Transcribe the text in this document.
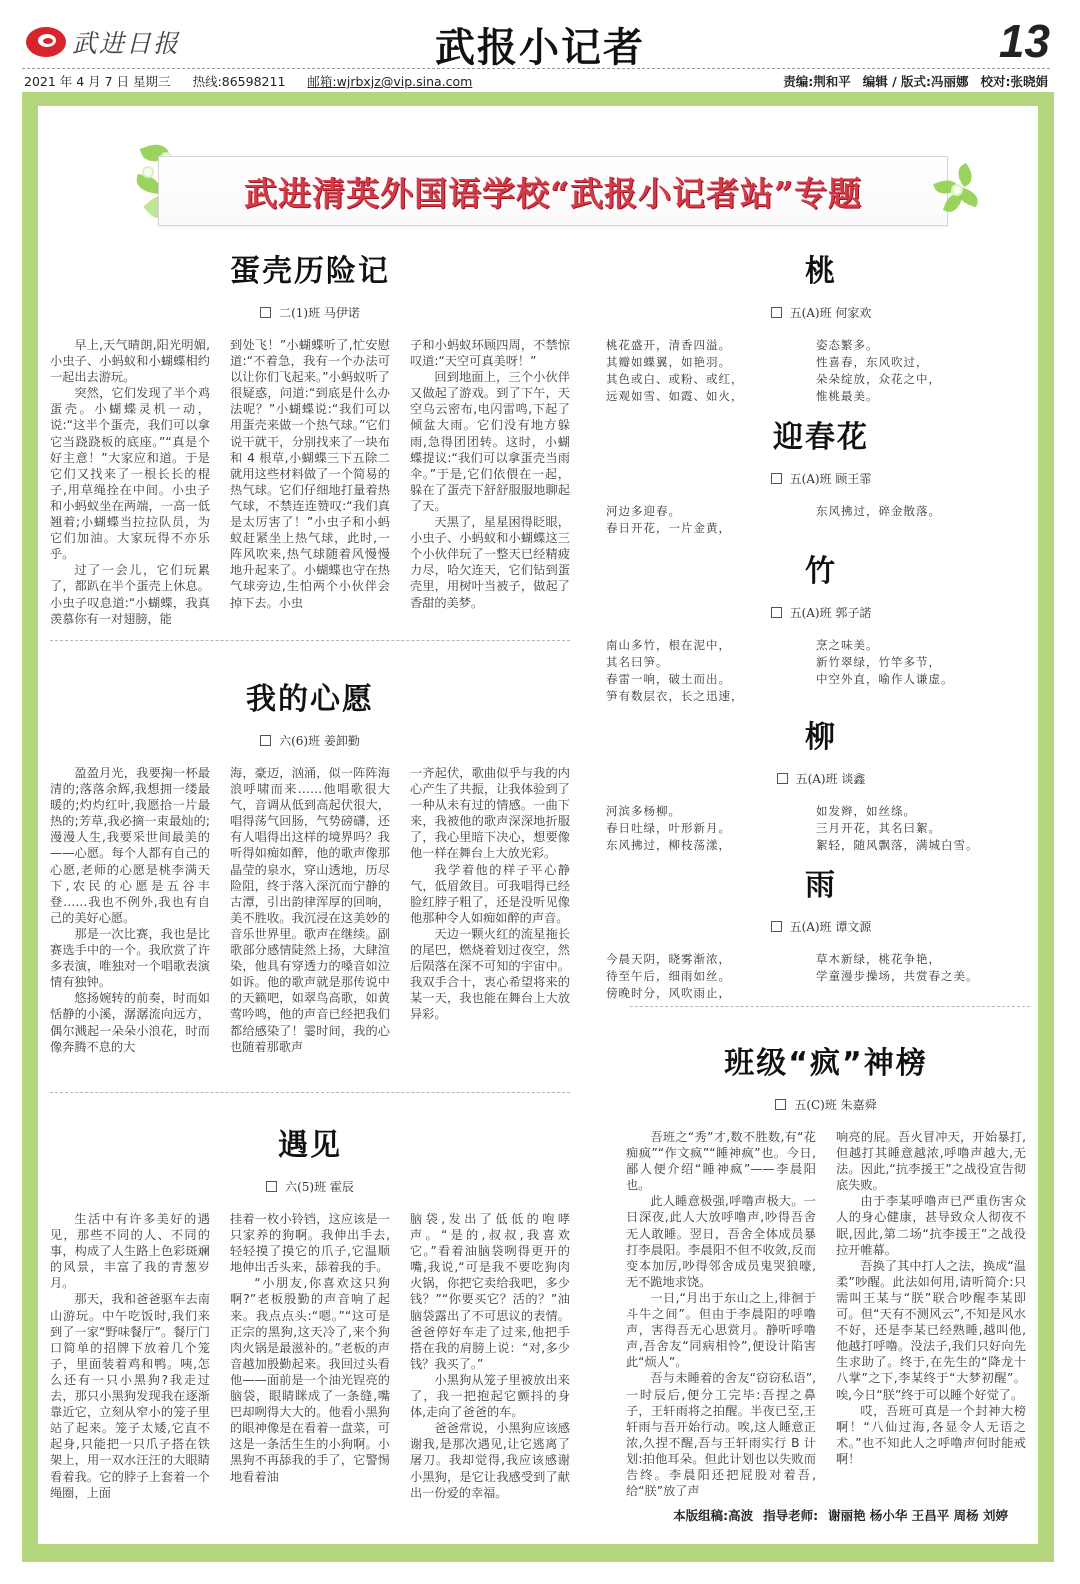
武进日报	武报小记者	13
2021 年 4 月 7 日 星期三 热线:86598211 邮箱:wjrbxjz@vip.sina.com	责编:荆和平 编辑 / 版式:冯丽娜 校对:张晓娟
武进清英外国语学校“武报小记者站”专题
蛋壳历险记
二(1)班 马伊诺

早上,天气晴朗,阳光明媚,小虫子、小蚂蚁和小蝴蝶相约一起出去游玩。

突然，它们发现了半个鸡蛋壳。小蝴蝶灵机一动，说:“这半个蛋壳，我们可以拿它当跷跷板的底座。”“真是个好主意！”大家应和道。于是它们又找来了一根长长的棍子,用草绳拴在中间。小虫子和小蚂蚁坐在两端，一高一低翘着;小蝴蝶当拉拉队员，为它们加油。大家玩得不亦乐乎。

过了一会儿，它们玩累了，都趴在半个蛋壳上休息。小虫子叹息道:“小蝴蝶，我真羡慕你有一对翅膀，能

到处飞！”小蝴蝶听了,忙安慰道:“不着急，我有一个办法可以让你们飞起来。”小蚂蚁听了很疑惑，问道:“到底是什么办法呢？”小蝴蝶说:“我们可以用蛋壳来做一个热气球。”它们说干就干，分别找来了一块布和 4 根草,小蝴蝶三下五除二就用这些材料做了一个简易的热气球。它们仔细地打量着热气球，不禁连连赞叹:“我们真是太厉害了！”小虫子和小蚂蚁赶紧坐上热气球，此时,一阵风吹来,热气球随着风慢慢地升起来了。小蝴蝶也守在热气球旁边,生怕两个小伙伴会掉下去。小虫

子和小蚂蚁环顾四周，不禁惊叹道:“天空可真美呀！”

回到地面上，三个小伙伴又做起了游戏。到了下午，天空乌云密布,电闪雷鸣,下起了倾盆大雨。它们没有地方躲雨,急得团团转。这时，小蝴蝶提议:“我们可以拿蛋壳当雨伞。”于是,它们依偎在一起，躲在了蛋壳下舒舒服服地聊起了天。

天黑了，星星困得眨眼，小虫子、小蚂蚁和小蝴蝶这三个小伙伴玩了一整天已经精疲力尽，哈欠连天，它们钻到蛋壳里，用树叶当被子，做起了香甜的美梦。

我的心愿
六(6)班 姜卸勤

盈盈月光，我要掬一杯最清的;落落余辉,我想拥一缕最暖的;灼灼红叶,我愿拾一片最热的;芳草,我必摘一束最灿的;漫漫人生,我要采世间最美的——心愿。每个人都有自己的心愿,老师的心愿是桃李满天下,农民的心愿是五谷丰登……我也不例外,我也有自己的美好心愿。

那是一次比赛，我也是比赛选手中的一个。我欣赏了许多表演，唯独对一个唱歌表演情有独钟。

悠扬婉转的前奏，时而如恬静的小溪，潺潺流向远方，偶尔溅起一朵朵小浪花，时而像奔腾不息的大

海，豪迈，汹涌，似一阵阵海浪呼啸而来……他唱歌很大气，音调从低到高起伏很大，唱得荡气回肠，气势磅礴，还有人唱得出这样的境界吗？我听得如痴如醉，他的歌声像那晶莹的泉水，穿山透地，历尽险阻，终于落入深沉而宁静的古潭，引出韵律浑厚的回响，美不胜收。我沉浸在这美妙的音乐世界里。歌声在继续。副歌部分感情陡然上扬，大肆渲染，他具有穿透力的嗓音如泣如诉。他的歌声就是那传说中的天籁吧，如翠鸟高歌，如黄莺吟鸣，他的声音已经把我们都给感染了！霎时间，我的心也随着那歌声

一齐起伏，歌曲似乎与我的内心产生了共振，让我体验到了一种从未有过的情感。一曲下来，我被他的歌声深深地折服了，我心里暗下决心，想要像他一样在舞台上大放光彩。

我学着他的样子平心静气，低眉敛目。可我唱得已经脸红脖子粗了，还是没听见像他那种令人如痴如醉的声音。

天边一颗火红的流星拖长的尾巴，燃烧着划过夜空，然后陨落在深不可知的宇宙中。我双手合十，衷心希望将来的某一天，我也能在舞台上大放异彩。

遇见
六(5)班 霍辰

生活中有许多美好的遇见，那些不同的人、不同的事，构成了人生路上色彩斑斓的风景，丰富了我的青葱岁月。

那天，我和爸爸驱车去南山游玩。中午吃饭时,我们来到了一家“野味餐厅”。餐厅门口简单的招牌下放着几个笼子，里面装着鸡和鸭。咦,怎么还有一只小黑狗?我走过去，那只小黑狗发现我在逐渐靠近它，立刻从窄小的笼子里站了起来。笼子太矮,它直不起身,只能把一只爪子搭在铁架上，用一双水汪汪的大眼睛看着我。它的脖子上套着一个绳圈，上面

挂着一枚小铃铛，这应该是一只家养的狗啊。我伸出手去,轻轻摸了摸它的爪子,它温顺地伸出舌头来，舔着我的手。

“小朋友,你喜欢这只狗啊?”老板殷勤的声音响了起来。我点点头:“嗯。”“这可是正宗的黑狗,这天冷了,来个狗肉火锅是最滋补的。”老板的声音越加殷勤起来。我回过头看他——面前是一个油光锃亮的脑袋，眼睛眯成了一条缝,嘴巴却咧得大大的。他看小黑狗的眼神像是在看着一盘菜，可这是一条活生生的小狗啊。小黑狗不再舔我的手了，它警惕地看着油

脑袋,发出了低低的咆哮声。“是的,叔叔,我喜欢它。”看着油脑袋咧得更开的嘴,我说,“可是我不要吃狗肉火锅，你把它卖给我吧，多少钱？”“你要买它？活的？”油脑袋露出了不可思议的表情。爸爸停好车走了过来,他把手搭在我的肩膀上说：“对,多少钱？我买了。”

小黑狗从笼子里被放出来了，我一把抱起它颤抖的身体,走向了爸爸的车。

爸爸常说，小黑狗应该感谢我,是那次遇见,让它逃离了屠刀。我却觉得,我应该感谢小黑狗，是它让我感受到了献出一份爱的幸福。

桃
五(A)班 何家欢
桃花盛开，清香四溢。
其瓣如蝶翼，如艳羽。
其色或白、或粉、或红，
远观如雪、如霞、如火，
姿态繁多。
性喜春，东风吹过，
朵朵绽放，众花之中，
惟桃最美。
迎春花
五(A)班 顾王霏
河边多迎春。
春日开花，一片金黄，
东风拂过，碎金散落。
竹
五(A)班 郭子諾
南山多竹，根在泥中，
其名曰笋。
春雷一响，破土而出。
笋有数层衣，长之迅速，
烹之味美。
新竹翠绿，竹竿多节，
中空外直，喻作人谦虚。
柳
五(A)班 谈鑫
河滨多杨柳。
春日吐绿，叶形新月。
东风拂过，柳枝荡漾，
如发辫，如丝绦。
三月开花，其名曰絮。
絮轻，随风飘落，满城白雪。
雨
五(A)班 谭文源
今晨天阴，晓雾渐浓，
待至午后，细雨如丝。
傍晚时分，风吹雨止，
草木新绿，桃花争艳，
学童漫步操场，共赏春之美。
班级“疯”神榜
五(C)班 朱嘉舜

吾班之“秀”才,数不胜数,有“花痴疯”“作文疯”“睡神疯”也。今日,鄙人便介绍“睡神疯”——李晨阳也。

此人睡意极强,呼噜声极大。一日深夜,此人大放呼噜声,吵得吾舍无人敢睡。翌日，吾舍全体成员暴打李晨阳。李晨阳不但不收敛,反而变本加厉,吵得邻舍成员鬼哭狼嚎,无不跪地求饶。

一日,“月出于东山之上,徘徊于斗牛之间”。但由于李晨阳的呼噜声，害得吾无心思赏月。静听呼噜声,吾舍友“同病相怜”,便设计陷害此“烦人”。

吾与未睡着的舍友“窃窃私语”,一时辰后,便分工完毕:吾捏之鼻子，王轩雨将之拍醒。半夜已至,王轩雨与吾开始行动。唉,这人睡意正浓,久捏不醒,吾与王轩雨实行 B 计划:拍他耳朵。但此计划也以失败而告终。李晨阳还把屁股对着吾,给“朕”放了声

响亮的屁。吾火冒冲天，开始暴打,但越打其睡意越浓,呼噜声越大,无法。因此,“抗李援王”之战役宣告彻底失败。

由于李某呼噜声已严重伤害众人的身心健康，甚导致众人彻夜不眠,因此,第二场“抗李援王”之战役拉开帷幕。

吾换了其中打人之法，换成“温柔”吵醒。此法如何用,请听简介:只需叫王某与“朕”联合吵醒李某即可。但“天有不测风云”,不知是风水不好，还是李某已经熟睡,越叫他,他越打呼噜。没法子,我们只好向先生求助了。终于,在先生的“降龙十八掌”之下,李某终于“大梦初醒”。唉,今日“朕”终于可以睡个好觉了。

哎，吾班可真是一个封神大榜啊！“八仙过海,各显令人无语之术。”也不知此人之呼噜声何时能戒啊！

本版组稿:高波 指导老师: 谢丽艳 杨小华 王昌平 周杨 刘婷
